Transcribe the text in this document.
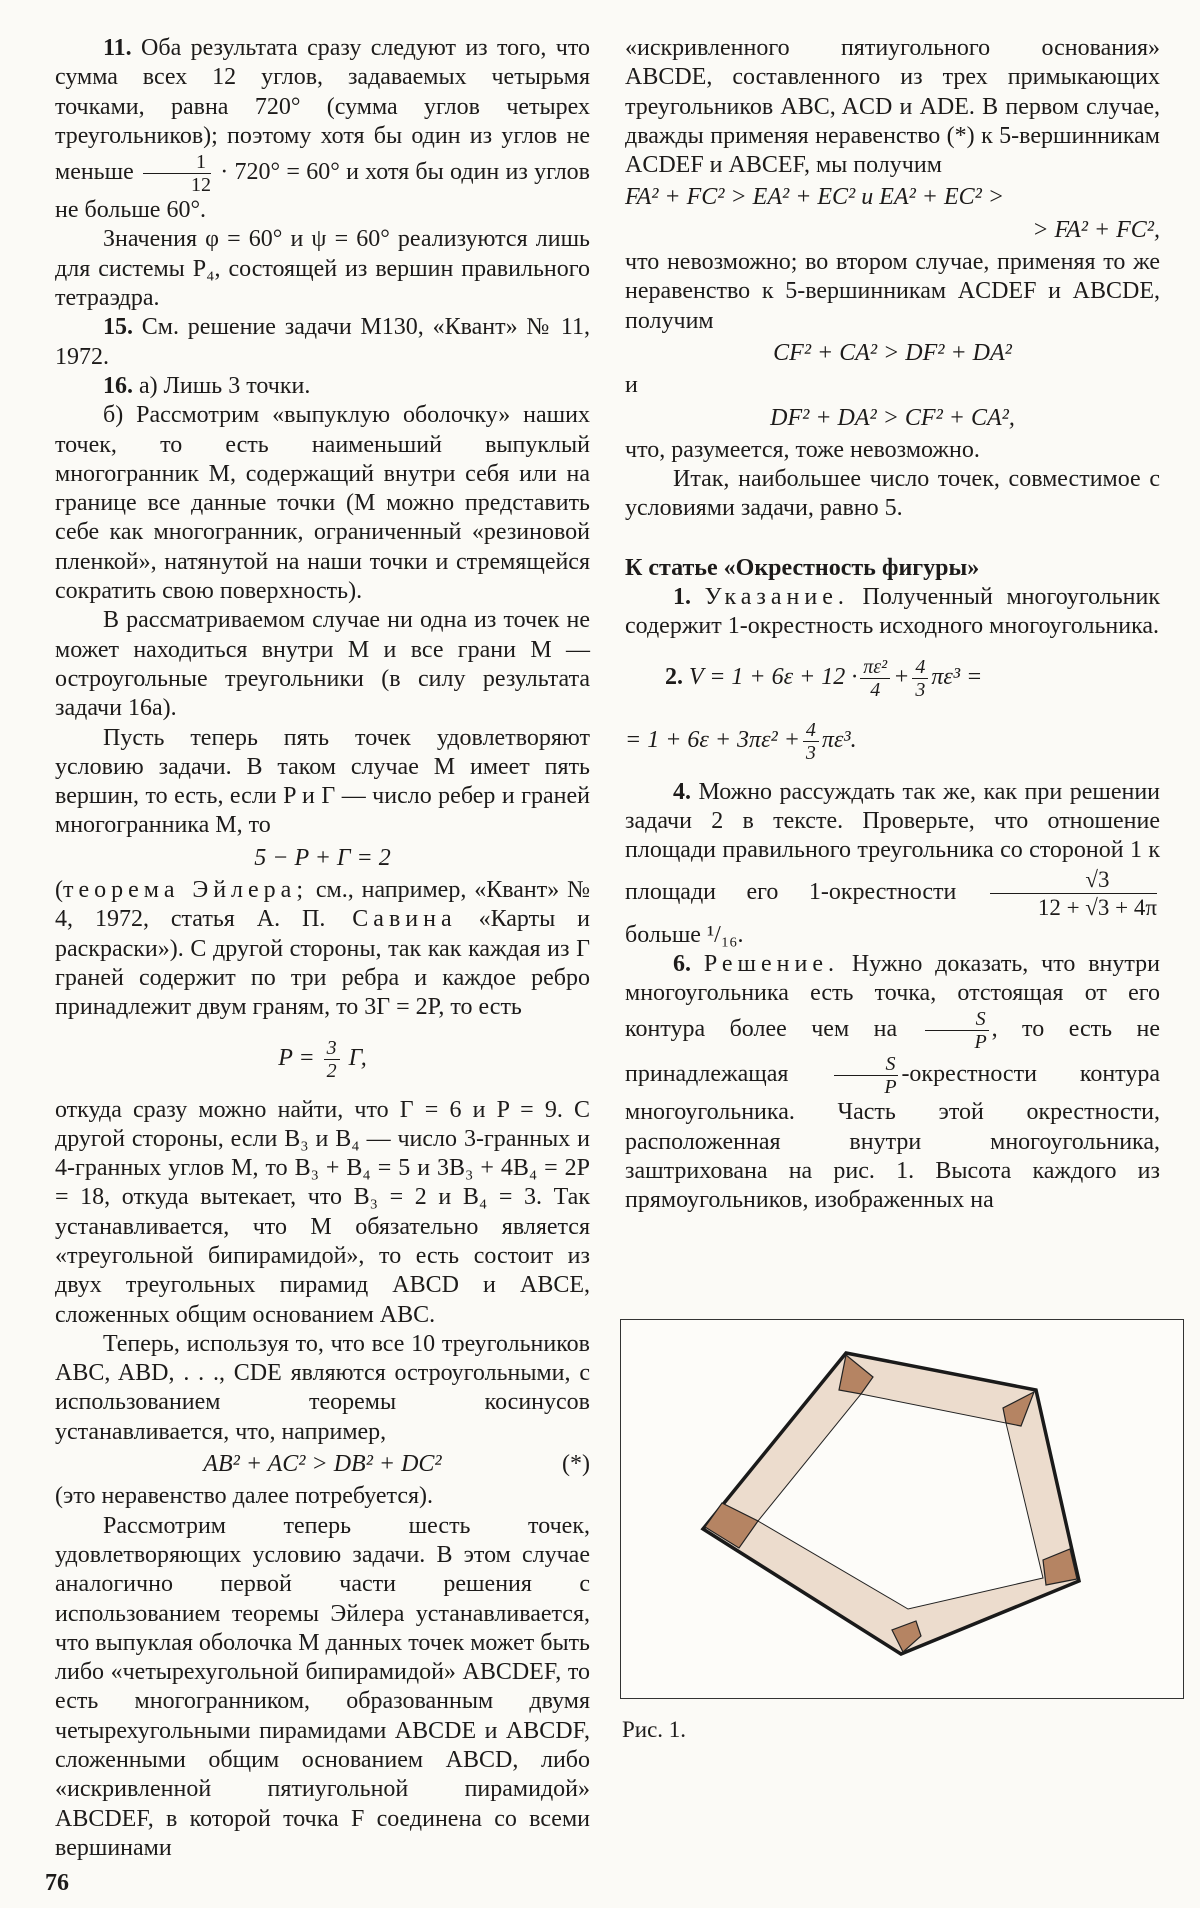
11. Оба результата сразу следуют из того, что сумма всех 12 углов, задаваемых четырьмя точками, равна 720° (сумма углов четырех треугольников); поэтому хотя бы один из углов не меньше $\frac{1}{12} \cdot 720^\circ = 60^\circ$ и хотя бы один из углов не больше 60°.

Значения φ = 60° и ψ = 60° реализуются лишь для системы P₄, состоящей из вершин правильного тетраэдра.

15. См. решение задачи М130, «Квант» № 11, 1972.

16. а) Лишь 3 точки.

б) Рассмотрим «выпуклую оболочку» наших точек, то есть наименьший выпуклый многогранник M, содержащий внутри себя или на границе все данные точки (M можно представить себе как многогранник, ограниченный «резиновой пленкой», натянутой на наши точки и стремящейся сократить свою поверхность).

В рассматриваемом случае ни одна из точек не может находиться внутри M и все грани M — остроугольные треугольники (в силу результата задачи 16а).

Пусть теперь пять точек удовлетворяют условию задачи. В таком случае M имеет пять вершин, то есть, если P и Г — число ребер и граней многогранника M, то

5 − P + Г = 2

(теорема Эйлера; см., например, «Квант» № 4, 1972, статья А. П. Савина «Карты и раскраски»). С другой стороны, так как каждая из Г граней содержит по три ребра и каждое ребро принадлежит двум граням, то 3Г = 2P, то есть

$P = \frac{3}{2} Г$,

откуда сразу можно найти, что Г = 6 и P = 9. С другой стороны, если B₃ и B₄ — число 3-гранных и 4-гранных углов M, то B₃ + B₄ = 5 и 3B₃ + 4B₄ = 2P = 18, откуда вытекает, что B₃ = 2 и B₄ = 3. Так устанавливается, что M обязательно является «треугольной бипирамидой», то есть состоит из двух треугольных пирамид ABCD и ABCE, сложенных общим основанием ABC.

Теперь, используя то, что все 10 треугольников ABC, ABD, . . ., CDE являются остроугольными, с использованием теоремы косинусов устанавливается, что, например,

AB² + AC² > DB² + DC²	(*)

(это неравенство далее потребуется).

Рассмотрим теперь шесть точек, удовлетворяющих условию задачи. В этом случае аналогично первой части решения с использованием теоремы Эйлера устанавливается, что выпуклая оболочка M данных точек может быть либо «четырехугольной бипирамидой» ABCDEF, то есть многогранником, образованным двумя четырехугольными пирамидами ABCDE и ABCDF, сложенными общим основанием ABCD, либо «искривленной пятиугольной пирамидой» ABCDEF, в которой точка F соединена со всеми вершинами

«искривленного пятиугольного основания» ABCDE, составленного из трех примыкающих треугольников ABC, ACD и ADE. В первом случае, дважды применяя неравенство (*) к 5-вершинникам ACDEF и ABCEF, мы получим

FA² + FC² > EA² + EC² и EA² + EC² >
> FA² + FC²,

что невозможно; во втором случае, применяя то же неравенство к 5-вершинникам ACDEF и ABCDE, получим

CF² + CA² > DF² + DA²

и

DF² + DA² > CF² + CA²,

что, разумеется, тоже невозможно.

Итак, наибольшее число точек, совместимое с условиями задачи, равно 5.

К статье «Окрестность фигуры»

1. Указание. Полученный многоугольник содержит 1-окрестность исходного многоугольника.

2. $V = 1 + 6\varepsilon + 12 \cdot \frac{\text{πε²}}{4} + \frac{4}{3} \pi\varepsilon^3$ =
= $1 + 6\varepsilon + 3\pi\varepsilon^2 + \frac{4}{3} \pi\varepsilon^3$.

4. Можно рассуждать так же, как при решении задачи 2 в тексте. Проверьте, что отношение площади правильного треугольника со стороной 1 к площади его 1-окрестности $\frac{√3}{12 + √3 + 4\pi}$
больше ¹/₁₆.

6. Решение. Нужно доказать, что внутри многоугольника есть точка, отстоящая от его контура более чем на $\frac{S}{P}$ , то есть не принадлежащая $\frac{S}{P}$ -окрестности контура многоугольника. Часть этой окрестности, расположенная внутри многоугольника, заштрихована на рис. 1. Высота каждого из прямоугольников, изображенных на

Рис. 1.
76
